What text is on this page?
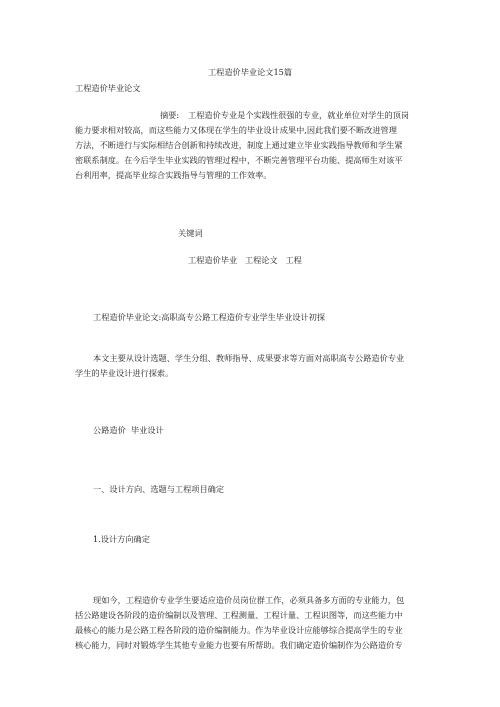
工程造价毕业论文15篇
工程造价毕业论文
摘要: 工程造价专业是个实践性很强的专业，就业单位对学生的顶岗
能力要求相对较高，而这些能力又体现在学生的毕业设计成果中,因此我们要不断改进管理
方法，不断进行与实际相结合创新和持续改进，制度上通过建立毕业实践指导教师和学生紧
密联系制度。在今后学生毕业实践的管理过程中，不断完善管理平台功能、提高师生对该平
台利用率，提高毕业综合实践指导与管理的工作效率。
关键词
工程造价毕业   工程论文   工程
工程造价毕业论文:高职高专公路工程造价专业学生毕业设计初探
本文主要从设计选题、学生分组、教师指导、成果要求等方面对高职高专公路造价专业
学生的毕业设计进行探索。
公路造价  毕业设计
一、设计方向、选题与工程项目确定
1.设计方向确定
现如今，工程造价专业学生要适应造价员岗位群工作，必须具备多方面的专业能力，包
括公路建设各阶段的造价编制以及管理、工程测量、工程计量、工程识图等，而这些能力中
最核心的能力是公路工程各阶段的造价编制能力。作为毕业设计应能够综合提高学生的专业
核心能力，同时对锻炼学生其他专业能力也要有所帮助。我们确定造价编制作为公路造价专
